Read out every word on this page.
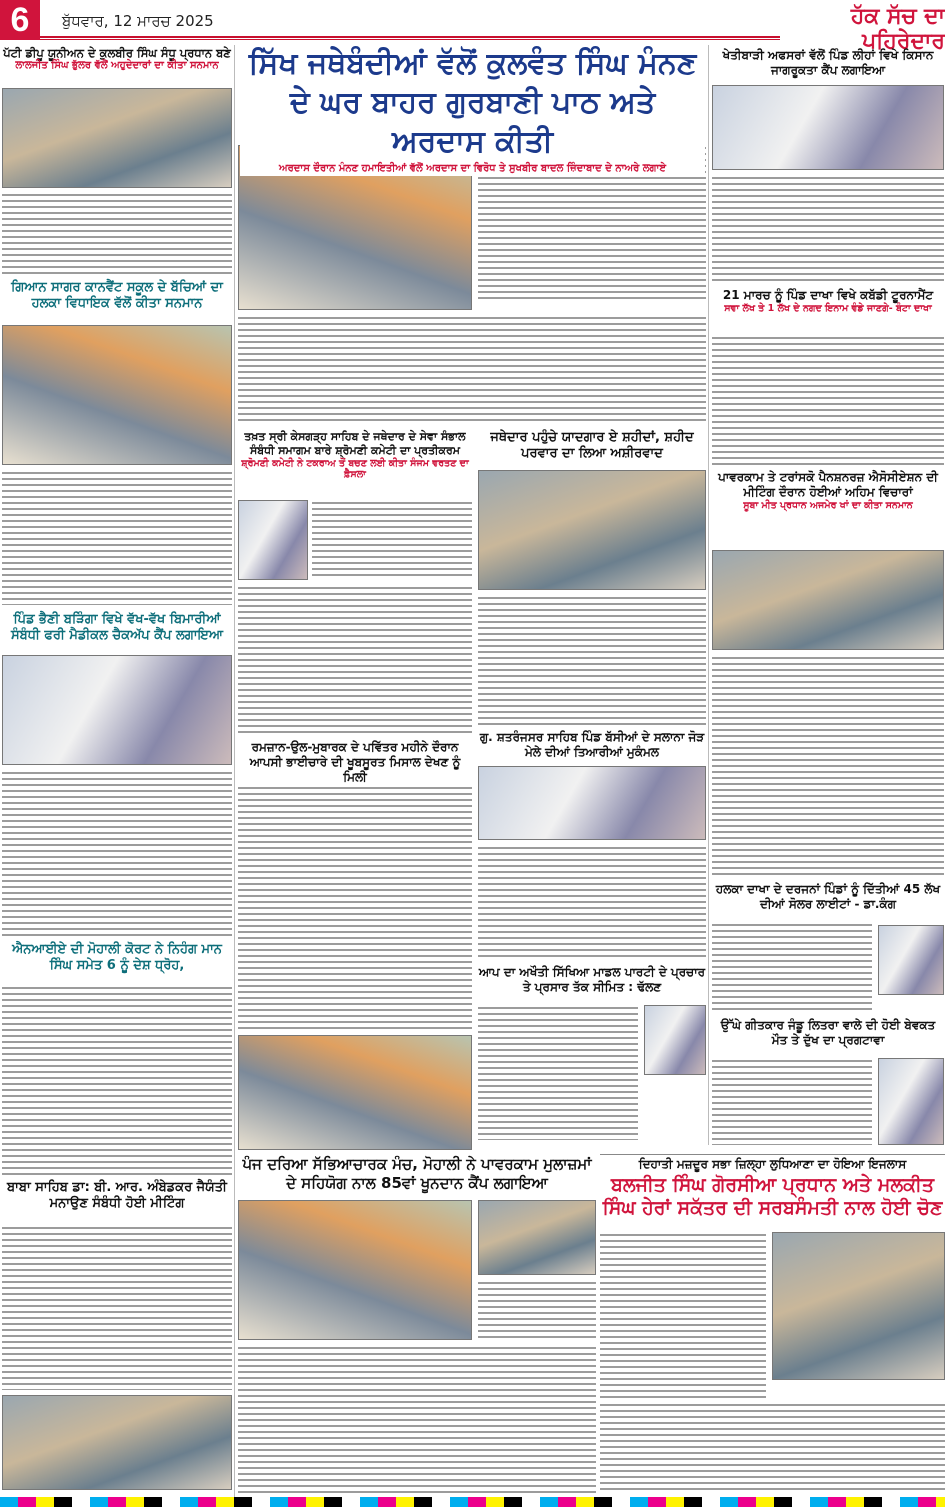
6	ਬੁੱਧਵਾਰ, 12 ਮਾਰਚ 2025	ਹੱਕ ਸੱਚ ਦਾ ਪਹਿਰੇਦਾਰ
ਪੱਟੀ ਡੀਪੂ ਯੂਨੀਅਨ ਦੇ ਕੁਲਬੀਰ ਸਿੰਘ ਸੰਧੂ ਪ੍ਰਧਾਨ ਬਣੇ
ਲਾਲਜੀਤ ਸਿੰਘ ਭੁੱਲਰ ਵੱਲੋਂ ਅਹੁਦੇਦਾਰਾਂ ਦਾ ਕੀਤਾ ਸਨਮਾਨ
ਗਿਆਨ ਸਾਗਰ ਕਾਨਵੈਂਟ ਸਕੂਲ ਦੇ ਬੱਚਿਆਂ ਦਾ ਹਲਕਾ ਵਿਧਾਇਕ ਵੱਲੋਂ ਕੀਤਾ ਸਨਮਾਨ
ਪਿੰਡ ਭੈਣੀ ਬੜਿੰਗਾ ਵਿਖੇ ਵੱਖ-ਵੱਖ ਬਿਮਾਰੀਆਂ ਸੰਬੰਧੀ ਫਰੀ ਮੈਡੀਕਲ ਚੈਕਅੱਪ ਕੈਂਪ ਲਗਾਇਆ
ਐਨਆਈਏ ਦੀ ਮੋਹਾਲੀ ਕੋਰਟ ਨੇ ਨਿਹੰਗ ਮਾਨ ਸਿੰਘ ਸਮੇਤ 6 ਨੂੰ ਦੇਸ਼ ਧ੍ਰੋਹ,
ਬਾਬਾ ਸਾਹਿਬ ਡਾ: ਬੀ. ਆਰ. ਅੰਬੇਡਕਰ ਜੈਯੰਤੀ ਮਨਾਉਣ ਸੰਬੰਧੀ ਹੋਈ ਮੀਟਿੰਗ
ਸਿੱਖ ਜਥੇਬੰਦੀਆਂ ਵੱਲੋਂ ਕੁਲਵੰਤ ਸਿੰਘ ਮੰਨਣ ਦੇ ਘਰ ਬਾਹਰ ਗੁਰਬਾਣੀ ਪਾਠ ਅਤੇ ਅਰਦਾਸ ਕੀਤੀ
ਅਰਦਾਸ ਦੌਰਾਨ ਮੰਨਣ ਹਮਾਇਤੀਆਂ ਵੱਲੋਂ ਅਰਦਾਸ ਦਾ ਵਿਰੋਧ ਤੇ ਸੁਖਬੀਰ ਬਾਦਲ ਜ਼ਿੰਦਾਬਾਦ ਦੇ ਨਾਅਰੇ ਲਗਾਏ
ਤਖ਼ਤ ਸ੍ਰੀ ਕੇਸਗੜ੍ਹ ਸਾਹਿਬ ਦੇ ਜਥੇਦਾਰ ਦੇ ਸੇਵਾ ਸੰਭਾਲ ਸੰਬੰਧੀ ਸਮਾਗਮ ਬਾਰੇ ਸ਼੍ਰੋਮਣੀ ਕਮੇਟੀ ਦਾ ਪ੍ਰਤੀਕਰਮ
ਸ਼੍ਰੋਮਣੀ ਕਮੇਟੀ ਨੇ ਟਕਰਾਅ ਤੋਂ ਬਚਣ ਲਈ ਕੀਤਾ ਸੰਜਮ ਵਰਤਣ ਦਾ ਫ਼ੈਸਲਾ
ਜਥੇਦਾਰ ਪਹੁੰਚੇ ਯਾਦਗਾਰ ਏ ਸ਼ਹੀਦਾਂ, ਸ਼ਹੀਦ ਪਰਵਾਰ ਦਾ ਲਿਆ ਅਸ਼ੀਰਵਾਦ
ਰਮਜ਼ਾਨ-ਉਲ-ਮੁਬਾਰਕ ਦੇ ਪਵਿੱਤਰ ਮਹੀਨੇ ਦੌਰਾਨ ਆਪਸੀ ਭਾਈਚਾਰੇ ਦੀ ਖੂਬਸੂਰਤ ਮਿਸਾਲ ਦੇਖਣ ਨੂੰ ਮਿਲੀ
ਗੁ. ਸ਼ਤਰੰਜਸਰ ਸਾਹਿਬ ਪਿੰਡ ਬੱਸੀਆਂ ਦੇ ਸਲਾਨਾ ਜੋੜ ਮੇਲੇ ਦੀਆਂ ਤਿਆਰੀਆਂ ਮੁਕੰਮਲ
ਆਪ ਦਾ ਅਖੌਤੀ ਸਿੱਖਿਆ ਮਾਡਲ ਪਾਰਟੀ ਦੇ ਪ੍ਰਚਾਰ ਤੇ ਪ੍ਰਸਾਰ ਤੱਕ ਸੀਮਿਤ : ਢੱਲਣ
ਪੰਜ ਦਰਿਆ ਸੱਭਿਆਚਾਰਕ ਮੰਚ, ਮੋਹਾਲੀ ਨੇ ਪਾਵਰਕਾਮ ਮੁਲਾਜ਼ਮਾਂ ਦੇ ਸਹਿਯੋਗ ਨਾਲ 85ਵਾਂ ਖੂਨਦਾਨ ਕੈਂਪ ਲਗਾਇਆ
ਖੇਤੀਬਾੜੀ ਅਫਸਰਾਂ ਵੱਲੋਂ ਪਿੰਡ ਲੀਹਾਂ ਵਿਖੇ ਕਿਸਾਨ ਜਾਗਰੂਕਤਾ ਕੈਂਪ ਲਗਾਇਆ
21 ਮਾਰਚ ਨੂੰ ਪਿੰਡ ਦਾਖਾ ਵਿਖੇ ਕਬੱਡੀ ਟੂਰਨਾਮੈਂਟ
ਸਵਾ ਲੱਖ ਤੇ 1 ਲੱਖ ਦੇ ਨਗਦ ਇਨਾਮ ਵੰਡੇ ਜਾਣਗੇ- ਬੰਟਾ ਦਾਖਾ
ਪਾਵਰਕਾਮ ਤੇ ਟਰਾਂਸਕੋ ਪੈਨਸ਼ਨਰਜ਼ ਐਸੋਸੀਏਸ਼ਨ ਦੀ ਮੀਟਿੰਗ ਦੌਰਾਨ ਹੋਈਆਂ ਅਹਿਮ ਵਿਚਾਰਾਂ
ਸੂਬਾ ਮੀਤ ਪ੍ਰਧਾਨ ਅਜਮੇਰ ਖਾਂ ਦਾ ਕੀਤਾ ਸਨਮਾਨ
ਹਲਕਾ ਦਾਖਾ ਦੇ ਦਰਜਨਾਂ ਪਿੰਡਾਂ ਨੂੰ ਦਿੱਤੀਆਂ 45 ਲੱਖ ਦੀਆਂ ਸੋਲਰ ਲਾਈਟਾਂ - ਡਾ.ਕੰਗ
ਉੱਘੇ ਗੀਤਕਾਰ ਜੰਡੂ ਲਿਤਰਾ ਵਾਲੇ ਦੀ ਹੋਈ ਬੇਵਕਤ ਮੌਤ ਤੇ ਦੁੱਖ ਦਾ ਪ੍ਰਗਟਾਵਾ
ਦਿਹਾਤੀ ਮਜ਼ਦੂਰ ਸਭਾ ਜ਼ਿਲ੍ਹਾ ਲੁਧਿਆਣਾ ਦਾ ਹੋਇਆ ਇਜਲਾਸ
ਬਲਜੀਤ ਸਿੰਘ ਗੋਰਸੀਆ ਪ੍ਰਧਾਨ ਅਤੇ ਮਲਕੀਤ ਸਿੰਘ ਹੇਰਾਂ ਸਕੱਤਰ ਦੀ ਸਰਬਸੰਮਤੀ ਨਾਲ ਹੋਈ ਚੋਣ
